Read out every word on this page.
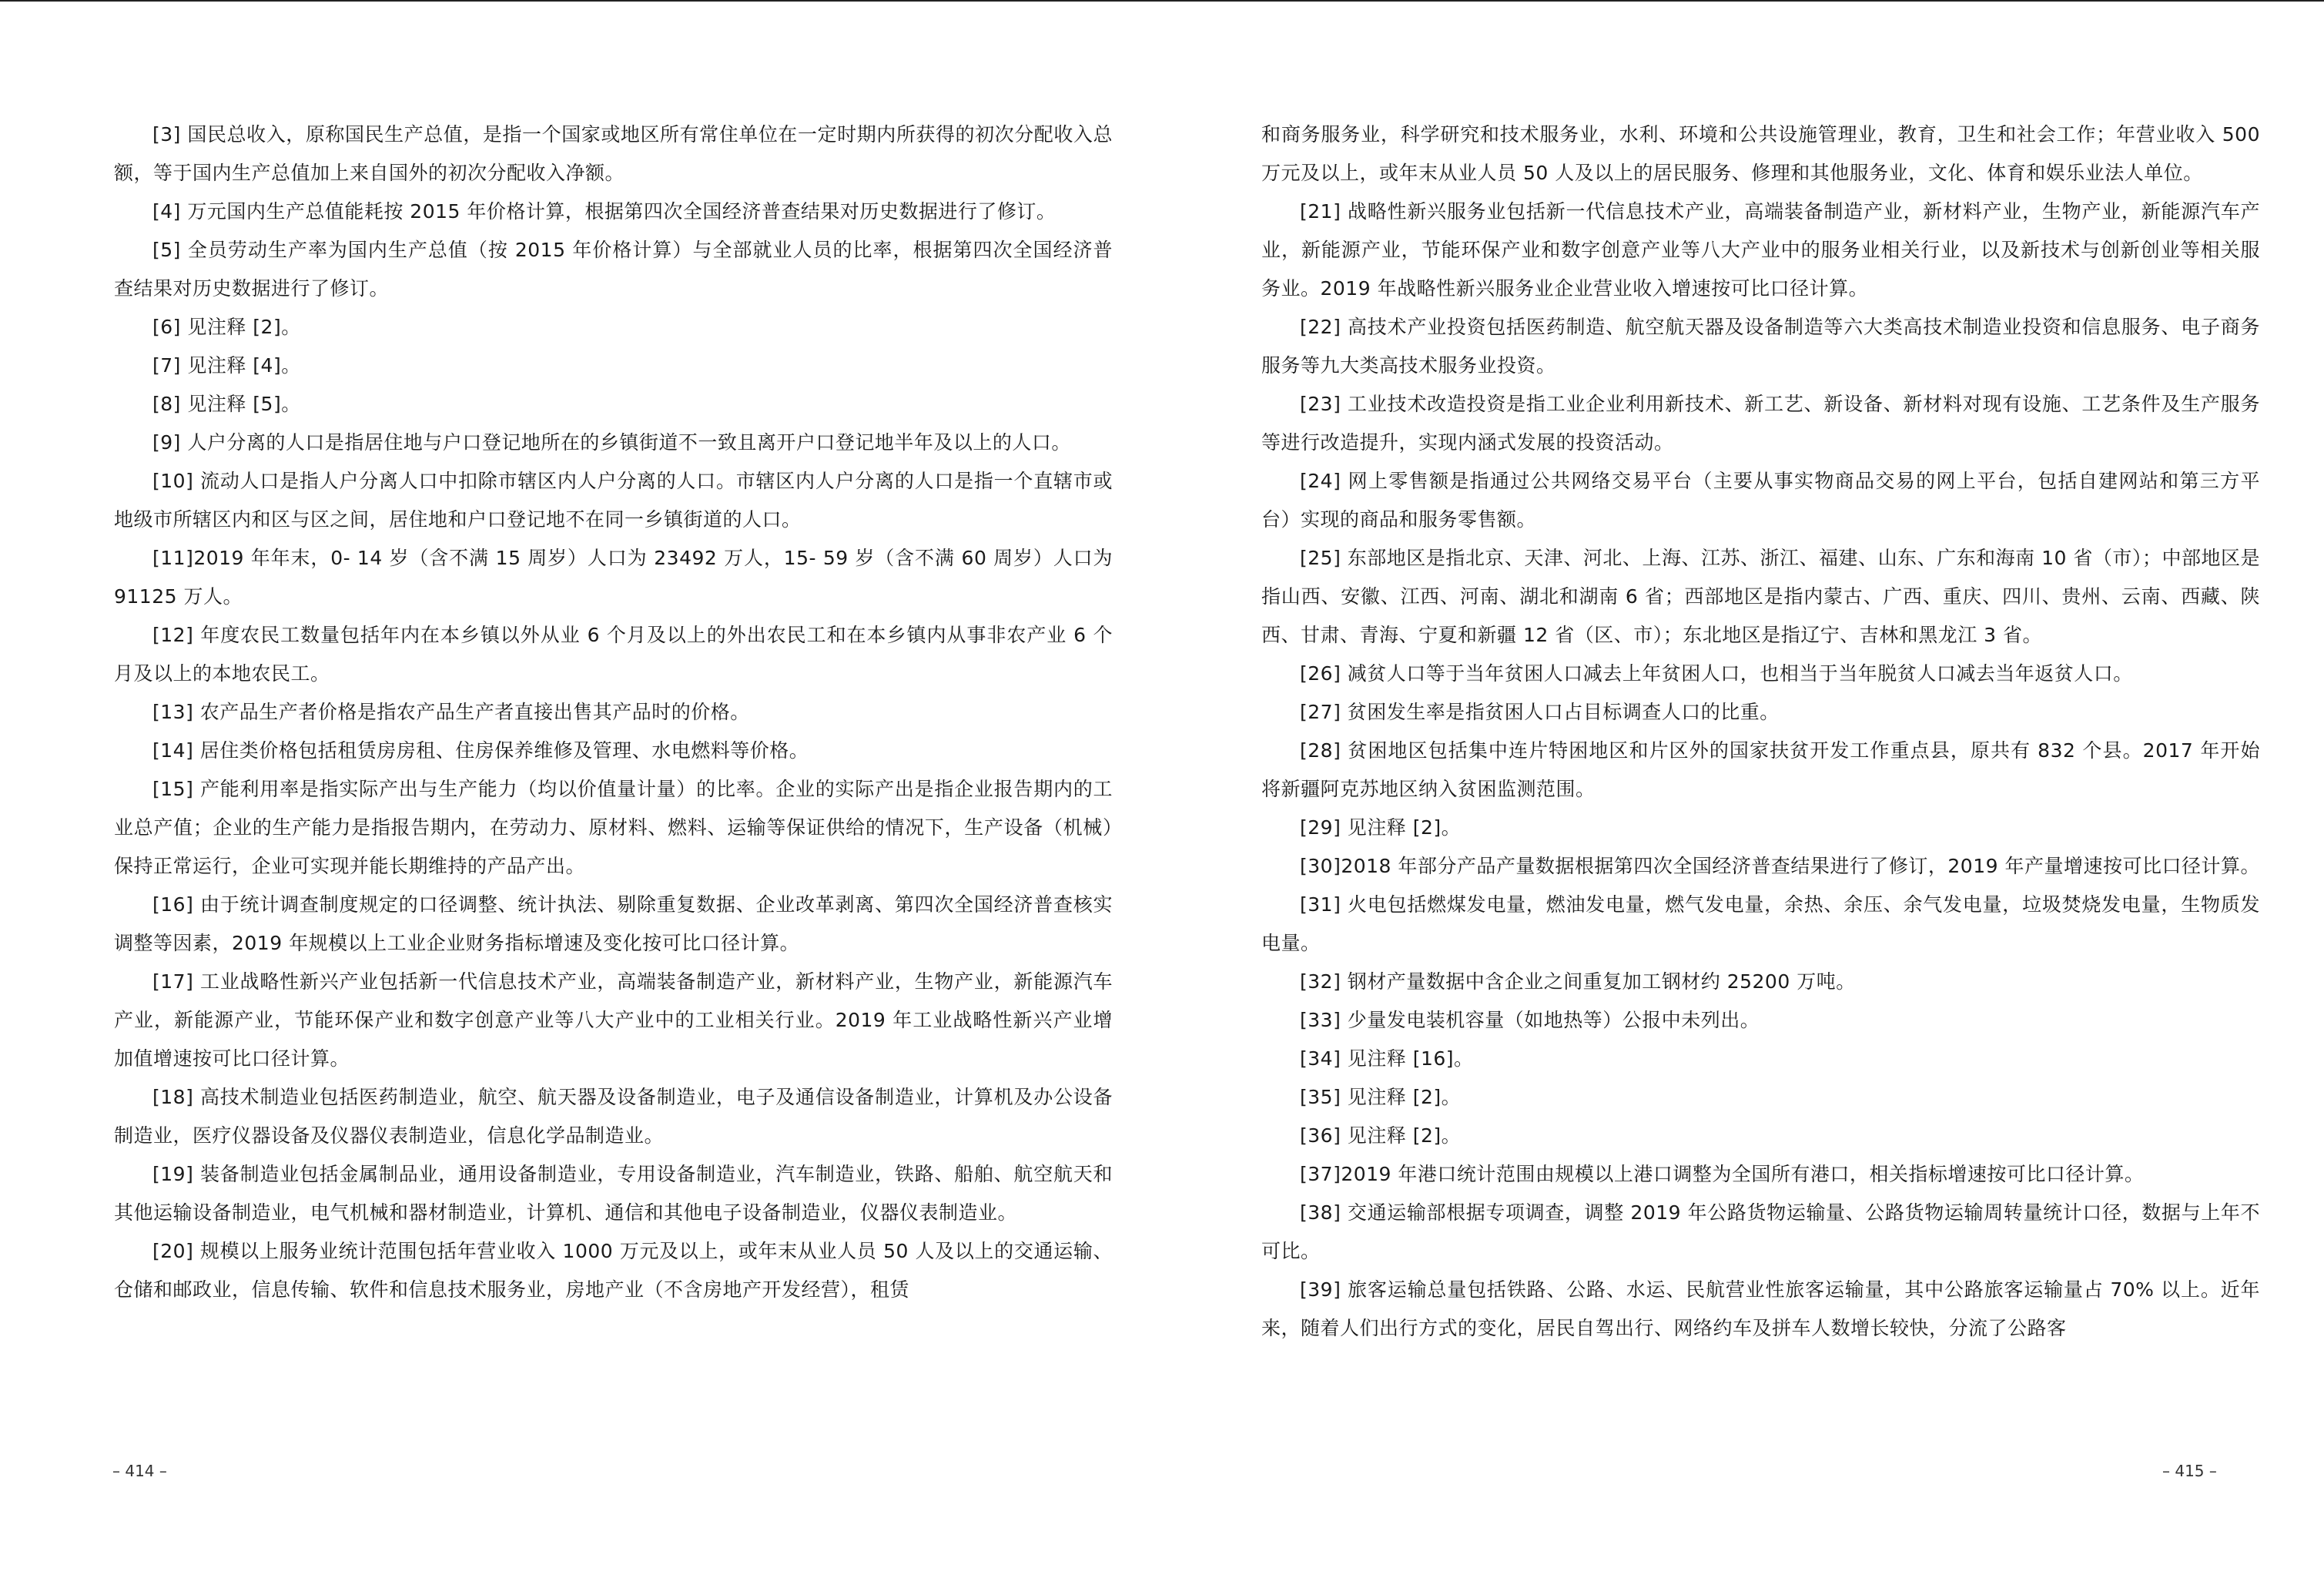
[3] 国民总收入，原称国民生产总值，是指一个国家或地区所有常住单位在一定时期内所获得的初次分配收入总额，等于国内生产总值加上来自国外的初次分配收入净额。

[4] 万元国内生产总值能耗按 2015 年价格计算，根据第四次全国经济普查结果对历史数据进行了修订。

[5] 全员劳动生产率为国内生产总值（按 2015 年价格计算）与全部就业人员的比率，根据第四次全国经济普查结果对历史数据进行了修订。

[6] 见注释 [2]。

[7] 见注释 [4]。

[8] 见注释 [5]。

[9] 人户分离的人口是指居住地与户口登记地所在的乡镇街道不一致且离开户口登记地半年及以上的人口。

[10] 流动人口是指人户分离人口中扣除市辖区内人户分离的人口。市辖区内人户分离的人口是指一个直辖市或地级市所辖区内和区与区之间，居住地和户口登记地不在同一乡镇街道的人口。

[11]2019 年年末，0- 14 岁（含不满 15 周岁）人口为 23492 万人，15- 59 岁（含不满 60 周岁）人口为 91125 万人。

[12] 年度农民工数量包括年内在本乡镇以外从业 6 个月及以上的外出农民工和在本乡镇内从事非农产业 6 个月及以上的本地农民工。

[13] 农产品生产者价格是指农产品生产者直接出售其产品时的价格。

[14] 居住类价格包括租赁房房租、住房保养维修及管理、水电燃料等价格。

[15] 产能利用率是指实际产出与生产能力（均以价值量计量）的比率。企业的实际产出是指企业报告期内的工业总产值；企业的生产能力是指报告期内，在劳动力、原材料、燃料、运输等保证供给的情况下，生产设备（机械）保持正常运行，企业可实现并能长期维持的产品产出。

[16] 由于统计调查制度规定的口径调整、统计执法、剔除重复数据、企业改革剥离、第四次全国经济普查核实调整等因素，2019 年规模以上工业企业财务指标增速及变化按可比口径计算。

[17] 工业战略性新兴产业包括新一代信息技术产业，高端装备制造产业，新材料产业，生物产业，新能源汽车产业，新能源产业，节能环保产业和数字创意产业等八大产业中的工业相关行业。2019 年工业战略性新兴产业增加值增速按可比口径计算。

[18] 高技术制造业包括医药制造业，航空、航天器及设备制造业，电子及通信设备制造业，计算机及办公设备制造业，医疗仪器设备及仪器仪表制造业，信息化学品制造业。

[19] 装备制造业包括金属制品业，通用设备制造业，专用设备制造业，汽车制造业，铁路、船舶、航空航天和其他运输设备制造业，电气机械和器材制造业，计算机、通信和其他电子设备制造业，仪器仪表制造业。

[20] 规模以上服务业统计范围包括年营业收入 1000 万元及以上，或年末从业人员 50 人及以上的交通运输、仓储和邮政业，信息传输、软件和信息技术服务业，房地产业（不含房地产开发经营），租赁

和商务服务业，科学研究和技术服务业，水利、环境和公共设施管理业，教育，卫生和社会工作；年营业收入 500 万元及以上，或年末从业人员 50 人及以上的居民服务、修理和其他服务业，文化、体育和娱乐业法人单位。

[21] 战略性新兴服务业包括新一代信息技术产业，高端装备制造产业，新材料产业，生物产业，新能源汽车产业，新能源产业，节能环保产业和数字创意产业等八大产业中的服务业相关行业，以及新技术与创新创业等相关服务业。2019 年战略性新兴服务业企业营业收入增速按可比口径计算。

[22] 高技术产业投资包括医药制造、航空航天器及设备制造等六大类高技术制造业投资和信息服务、电子商务服务等九大类高技术服务业投资。

[23] 工业技术改造投资是指工业企业利用新技术、新工艺、新设备、新材料对现有设施、工艺条件及生产服务等进行改造提升，实现内涵式发展的投资活动。

[24] 网上零售额是指通过公共网络交易平台（主要从事实物商品交易的网上平台，包括自建网站和第三方平台）实现的商品和服务零售额。

[25] 东部地区是指北京、天津、河北、上海、江苏、浙江、福建、山东、广东和海南 10 省（市）；中部地区是指山西、安徽、江西、河南、湖北和湖南 6 省；西部地区是指内蒙古、广西、重庆、四川、贵州、云南、西藏、陕西、甘肃、青海、宁夏和新疆 12 省（区、市）；东北地区是指辽宁、吉林和黑龙江 3 省。

[26] 减贫人口等于当年贫困人口减去上年贫困人口，也相当于当年脱贫人口减去当年返贫人口。

[27] 贫困发生率是指贫困人口占目标调查人口的比重。

[28] 贫困地区包括集中连片特困地区和片区外的国家扶贫开发工作重点县，原共有 832 个县。2017 年开始将新疆阿克苏地区纳入贫困监测范围。

[29] 见注释 [2]。

[30]2018 年部分产品产量数据根据第四次全国经济普查结果进行了修订，2019 年产量增速按可比口径计算。

[31] 火电包括燃煤发电量，燃油发电量，燃气发电量，余热、余压、余气发电量，垃圾焚烧发电量，生物质发电量。

[32] 钢材产量数据中含企业之间重复加工钢材约 25200 万吨。

[33] 少量发电装机容量（如地热等）公报中未列出。

[34] 见注释 [16]。

[35] 见注释 [2]。

[36] 见注释 [2]。

[37]2019 年港口统计范围由规模以上港口调整为全国所有港口，相关指标增速按可比口径计算。

[38] 交通运输部根据专项调查，调整 2019 年公路货物运输量、公路货物运输周转量统计口径，数据与上年不可比。

[39] 旅客运输总量包括铁路、公路、水运、民航营业性旅客运输量，其中公路旅客运输量占 70% 以上。近年来，随着人们出行方式的变化，居民自驾出行、网络约车及拼车人数增长较快，分流了公路客

– 414 –	– 415 –
